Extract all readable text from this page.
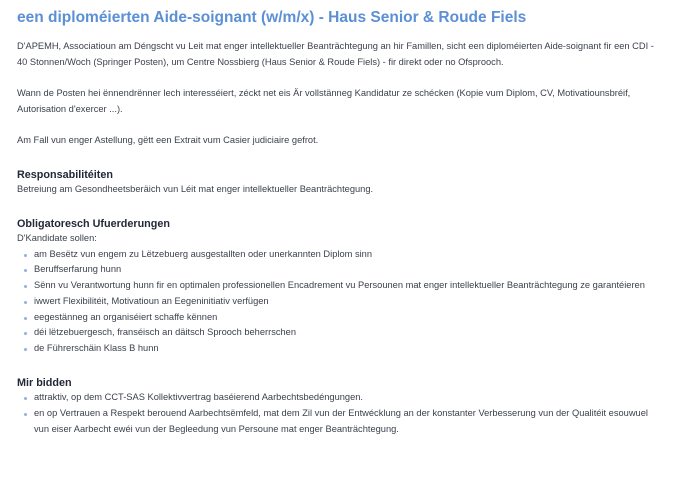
een diploméierten Aide-soignant (w/m/x) - Haus Senior & Roude Fiels

D'APEMH, Associatioun am Déngscht vu Leit mat enger intellektueller Beanträchtegung an hir Famillen, sicht een diploméierten Aide-soignant fir een CDI - 40 Stonnen/Woch (Springer Posten), um Centre Nossbierg (Haus Senior & Roude Fiels) - fir direkt oder no Ofsprooch.

Wann de Posten hei ënnendrënner lech interesséiert, zéckt net eis Är vollstänneg Kandidatur ze schécken (Kopie vum Diplom, CV, Motivatiounsbréif, Autorisation d'exercer ...).

Am Fall vun enger Astellung, gëtt een Extrait vum Casier judiciaire gefrot.

Responsabilitéiten

Betreiung am Gesondheetsberäich vun Léit mat enger intellektueller Beanträchtegung.

Obligatoresch Ufuerderungen

D'Kandidate sollen:

am Besëtz vun engem zu Lëtzebuerg ausgestallten oder unerkannten Diplom sinn
Beruffserfarung hunn
Sënn vu Verantwortung hunn fir en optimalen professionellen Encadrement vu Persounen mat enger intellektueller Beanträchtegung ze garantéieren
iwwert Flexibilitéit, Motivatioun an Eegeninitiativ verfügen
eegestänneg an organiséiert schaffe kënnen
déi lëtzebuergesch, franséisch an däitsch Sprooch beherrschen
de Führerschäin Klass B hunn
Mir bidden
attraktiv, op dem CCT-SAS Kollektivvertrag baséierend Aarbechtsbedéngungen.
en op Vertrauen a Respekt berouend Aarbechtsëmfeld, mat dem Zil vun der Entwécklung an der konstanter Verbesserung vun der Qualitéit esouwuel vun eiser Aarbecht ewéi vun der Begleedung vun Persoune mat enger Beanträchtegung.
